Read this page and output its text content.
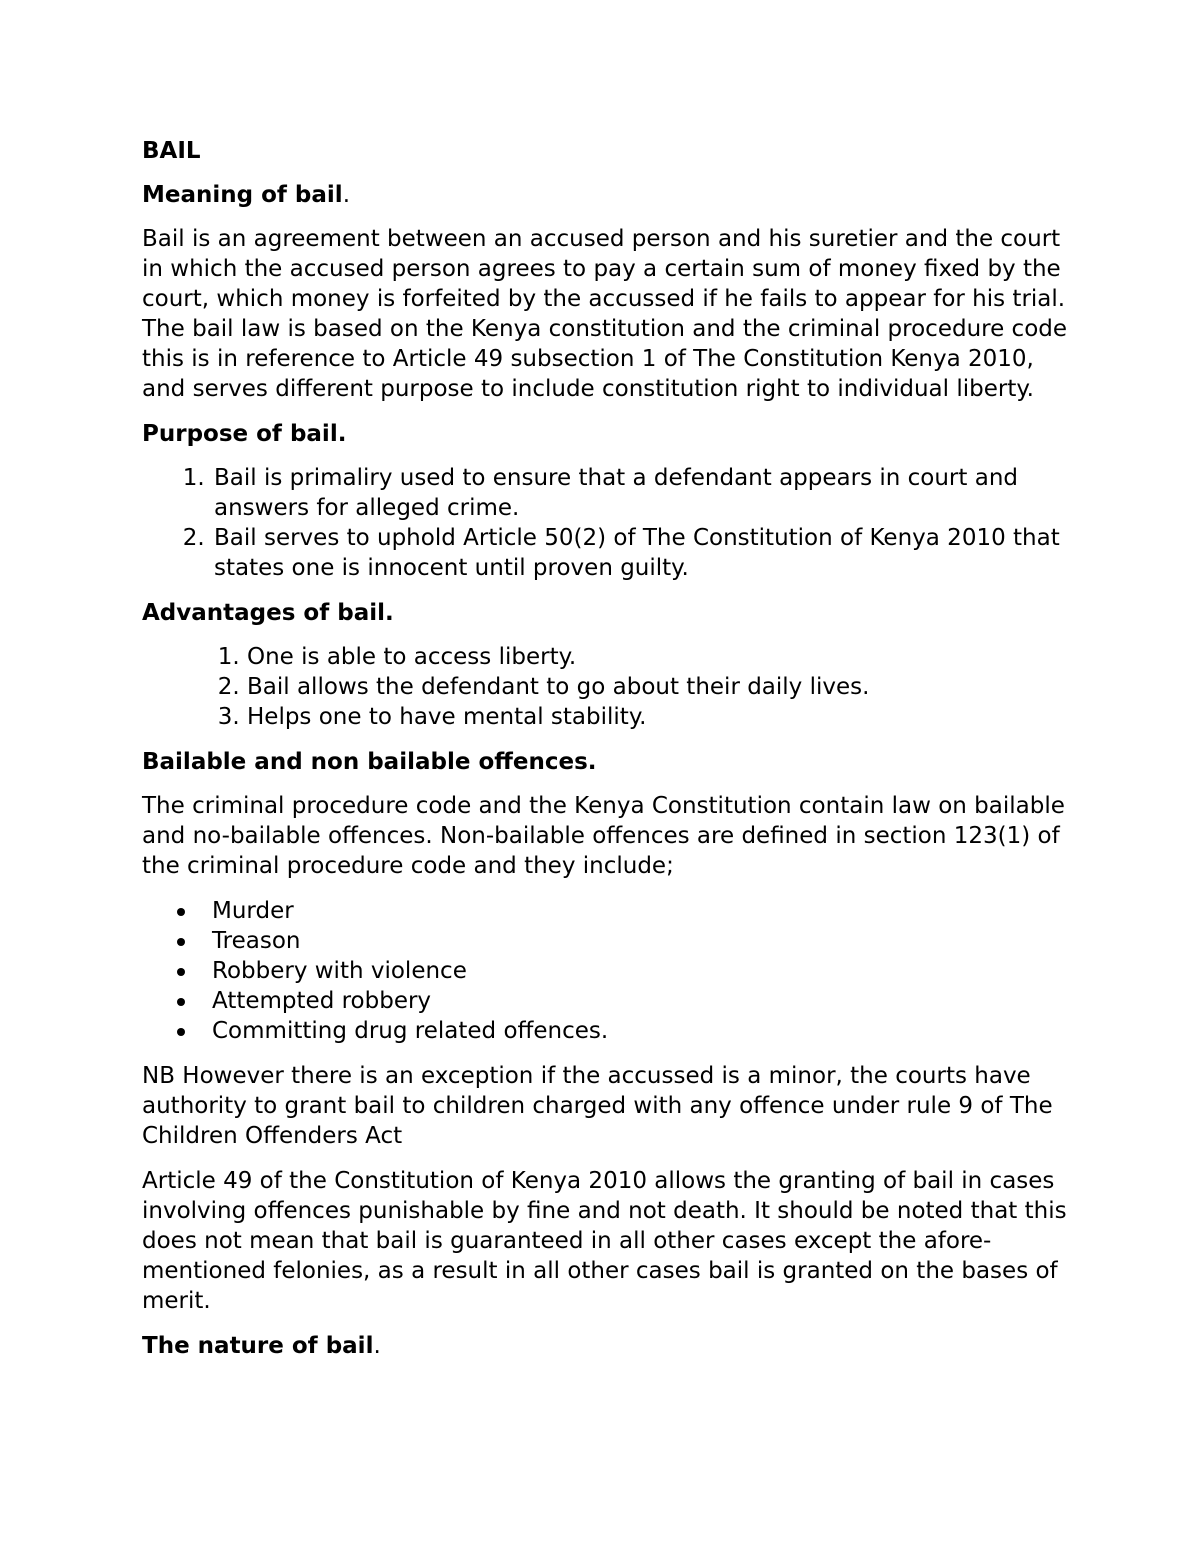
BAIL
Meaning of bail.

Bail is an agreement between an accused person and his suretier and the court in which the accused person agrees to pay a certain sum of money fixed by the court, which money is forfeited by the accussed if he fails to appear for his trial. The bail law is based on the Kenya constitution and the criminal procedure code this is in reference to Article 49 subsection 1 of The Constitution Kenya 2010, and serves different purpose to include constitution right to individual liberty.

Purpose of bail.
1. Bail is primaliry used to ensure that a defendant appears in court and answers for alleged crime.
2. Bail serves to uphold Article 50(2) of The Constitution of Kenya 2010 that states one is innocent until proven guilty.
Advantages of bail.
1. One is able to access liberty.
2. Bail allows the defendant to go about their daily lives.
3. Helps one to have mental stability.
Bailable and non bailable offences.

The criminal procedure code and the Kenya Constitution contain law on bailable and no-bailable offences. Non-bailable offences are defined in section 123(1) of the criminal procedure code and they include;

Murder
Treason
Robbery with violence
Attempted robbery
Committing drug related offences.

NB However there is an exception if the accussed is a minor, the courts have authority to grant bail to children charged with any offence under rule 9 of The Children Offenders Act

Article 49 of the Constitution of Kenya 2010 allows the granting of bail in cases involving offences punishable by fine and not death. It should be noted that this does not mean that bail is guaranteed in all other cases except the afore-mentioned felonies, as a result in all other cases bail is granted on the bases of merit.

The nature of bail.
